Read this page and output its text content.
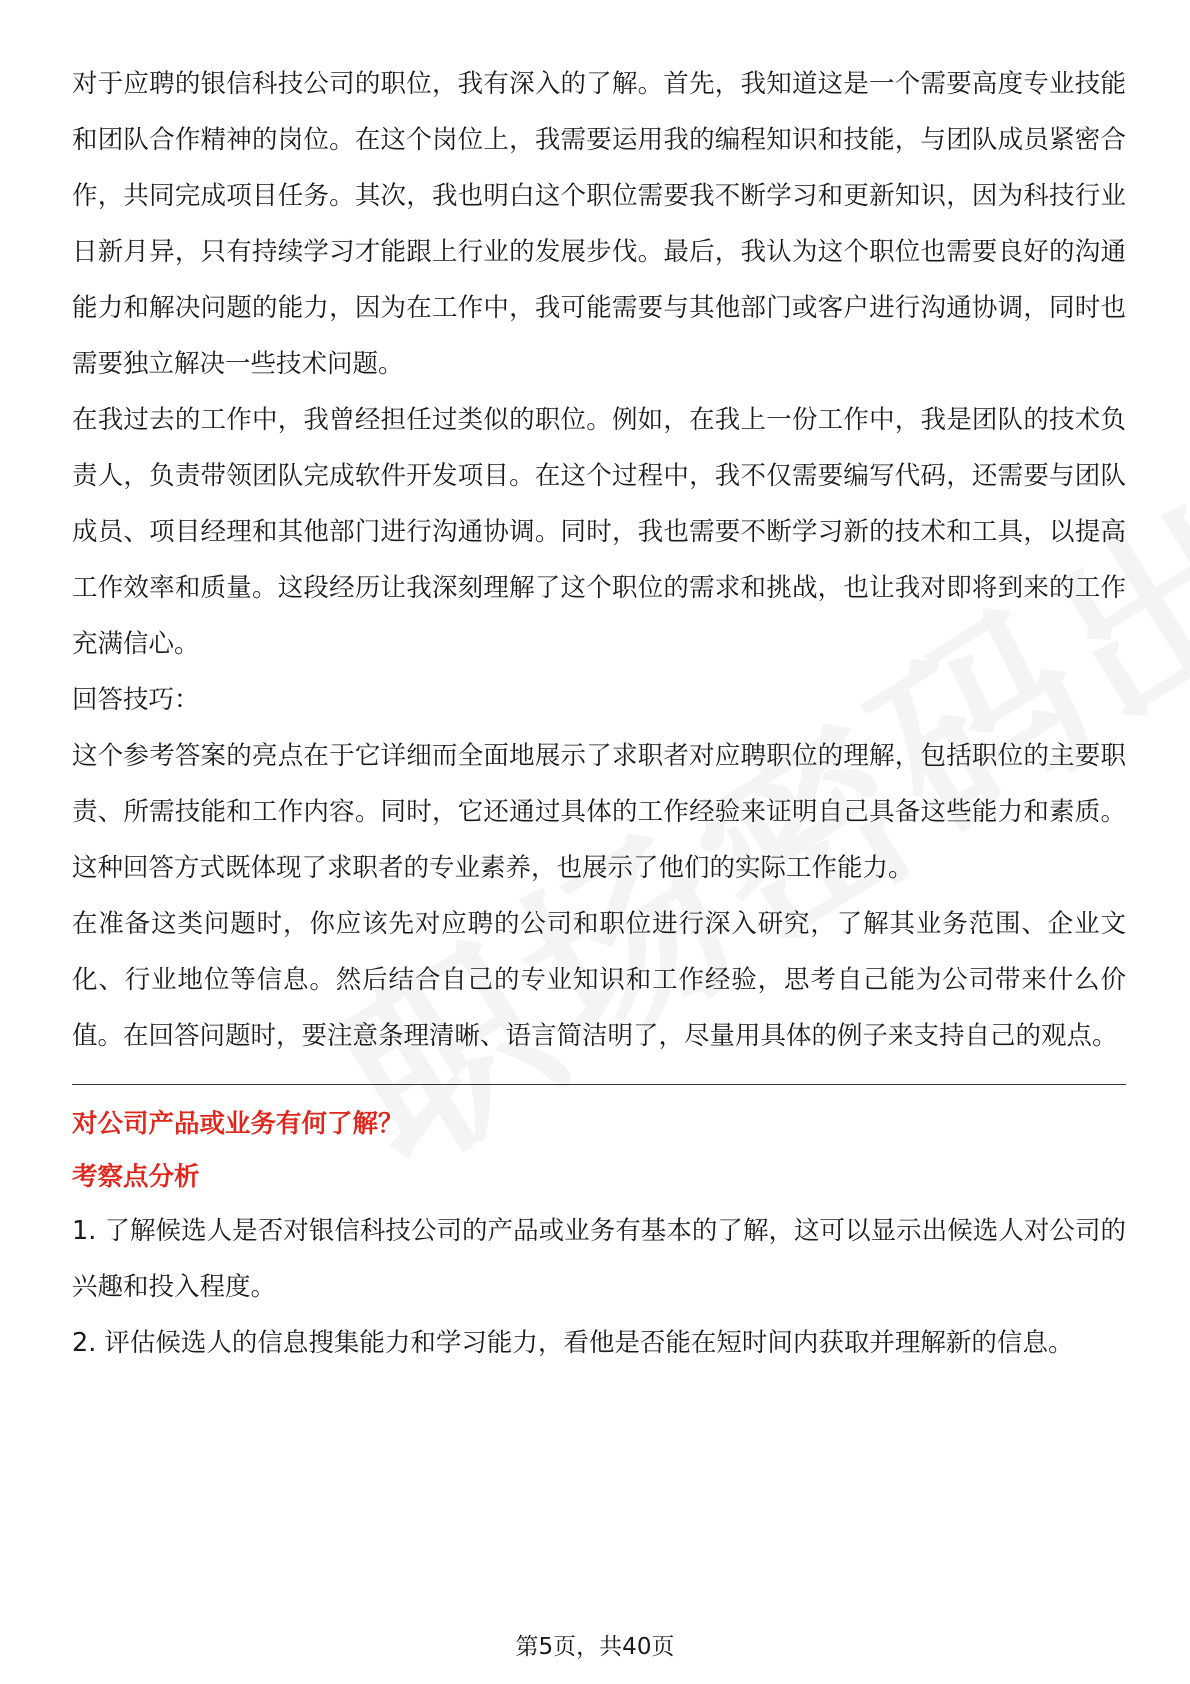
对于应聘的银信科技公司的职位，我有深入的了解。首先，我知道这是一个需要高度专业技能和团队合作精神的岗位。在这个岗位上，我需要运用我的编程知识和技能，与团队成员紧密合作，共同完成项目任务。其次，我也明白这个职位需要我不断学习和更新知识，因为科技行业日新月异，只有持续学习才能跟上行业的发展步伐。最后，我认为这个职位也需要良好的沟通能力和解决问题的能力，因为在工作中，我可能需要与其他部门或客户进行沟通协调，同时也需要独立解决一些技术问题。

在我过去的工作中，我曾经担任过类似的职位。例如，在我上一份工作中，我是团队的技术负责人，负责带领团队完成软件开发项目。在这个过程中，我不仅需要编写代码，还需要与团队成员、项目经理和其他部门进行沟通协调。同时，我也需要不断学习新的技术和工具，以提高工作效率和质量。这段经历让我深刻理解了这个职位的需求和挑战，也让我对即将到来的工作充满信心。

回答技巧：

这个参考答案的亮点在于它详细而全面地展示了求职者对应聘职位的理解，包括职位的主要职责、所需技能和工作内容。同时，它还通过具体的工作经验来证明自己具备这些能力和素质。这种回答方式既体现了求职者的专业素养，也展示了他们的实际工作能力。

在准备这类问题时，你应该先对应聘的公司和职位进行深入研究，了解其业务范围、企业文化、行业地位等信息。然后结合自己的专业知识和工作经验，思考自己能为公司带来什么价值。在回答问题时，要注意条理清晰、语言简洁明了，尽量用具体的例子来支持自己的观点。

对公司产品或业务有何了解？

考察点分析

1. 了解候选人是否对银信科技公司的产品或业务有基本的了解，这可以显示出候选人对公司的兴趣和投入程度。

2. 评估候选人的信息搜集能力和学习能力，看他是否能在短时间内获取并理解新的信息。

第5页，共40页
